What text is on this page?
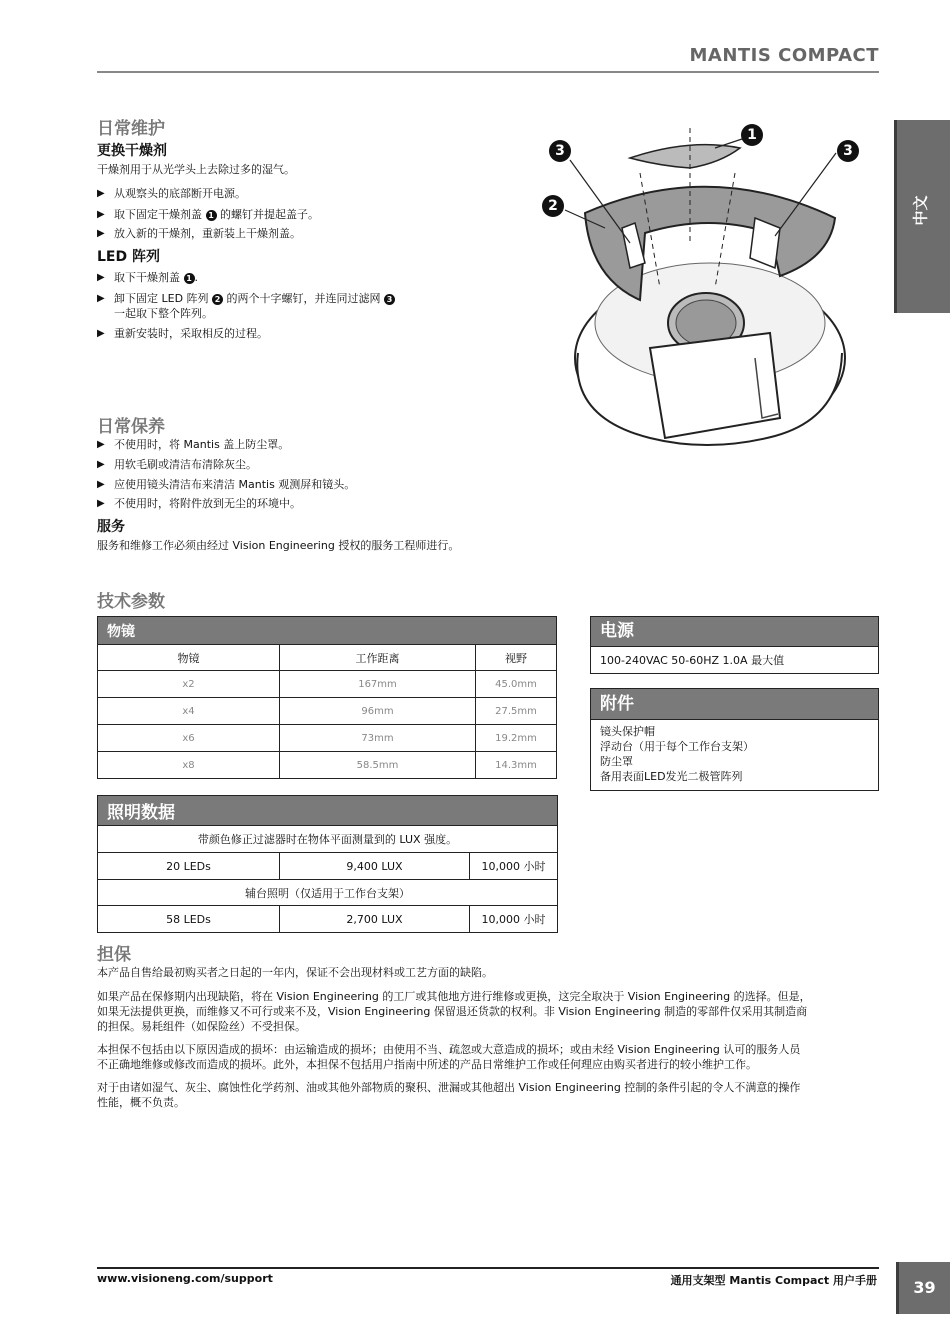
MANTIS COMPACT
中文
日常维护
更换干燥剂
干燥剂用于从光学头上去除过多的湿气。
▶ 从观察头的底部断开电源。
▶ 取下固定干燥剂盖 1 的螺钉并提起盖子。
▶ 放入新的干燥剂，重新装上干燥剂盖。
LED 阵列
▶ 取下干燥剂盖 1 .
▶ 卸下固定 LED 阵列 2 的两个十字螺钉，并连同过滤网 3
一起取下整个阵列。
▶ 重新安装时，采取相反的过程。
1
3	3
2
日常保养
▶ 不使用时，将 Mantis 盖上防尘罩。
▶ 用软毛刷或清洁布清除灰尘。
▶ 应使用镜头清洁布来清洁 Mantis 观测屏和镜头。
▶ 不使用时，将附件放到无尘的环境中。
服务
服务和维修工作必须由经过 Vision Engineering 授权的服务工程师进行。
技术参数
物镜		
物镜	工作距离	视野
x2	167mm	45.0mm
x4	96mm	27.5mm
x6	73mm	19.2mm
x8	58.5mm	14.3mm
照明数据		
带颜色修正过滤器时在物体平面测量到的 LUX 强度。		
20 LEDs	9,400 LUX	10,000 小时
辅台照明（仅适用于工作台支架）		
58 LEDs	2,700 LUX	10,000 小时
电源
100-240VAC 50-60HZ 1.0A 最大值
附件
镜头保护帽
浮动台（用于每个工作台支架）
防尘罩
备用表面LED发光二极管阵列
担保
本产品自售给最初购买者之日起的一年内，保证不会出现材料或工艺方面的缺陷。
如果产品在保修期内出现缺陷，将在 Vision Engineering 的工厂或其他地方进行维修或更换，这完全取决于 Vision Engineering 的选择。但是，
如果无法提供更换，而维修又不可行或来不及，Vision Engineering 保留退还货款的权利。非 Vision Engineering 制造的零部件仅采用其制造商
的担保。易耗组件（如保险丝）不受担保。
本担保不包括由以下原因造成的损坏：由运输造成的损坏；由使用不当、疏忽或大意造成的损坏；或由未经 Vision Engineering 认可的服务人员
不正确地维修或修改而造成的损坏。此外，本担保不包括用户指南中所述的产品日常维护工作或任何理应由购买者进行的较小维护工作。
对于由诸如湿气、灰尘、腐蚀性化学药剂、油或其他外部物质的聚积、泄漏或其他超出 Vision Engineering 控制的条件引起的令人不满意的操作
性能，概不负责。
www.visioneng.com/support	通用支架型 Mantis Compact 用户手册	39
